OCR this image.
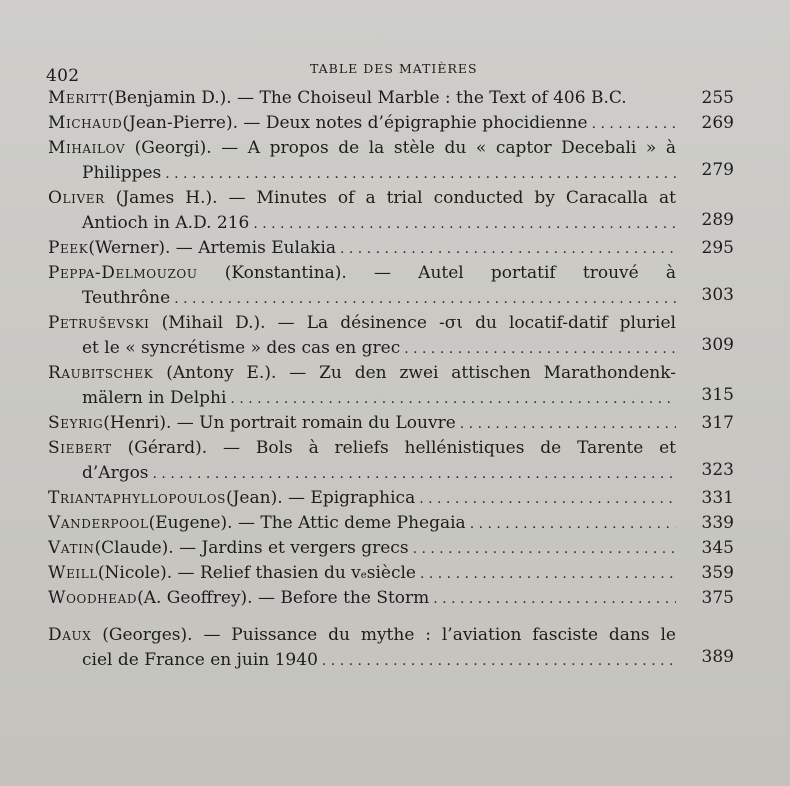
402	TABLE DES MATIÈRES
Meritt (Benjamin D.). — The Choiseul Marble : the Text of 406 B.C.	255
Michaud (Jean-Pierre). — Deux notes d’épigraphie phocidienne . . .	269
Mihailov (Georgi). — A propos de la stèle du « captor Decebali » à
Philippes . . .	279
Oliver (James H.). — Minutes of a trial conducted by Caracalla at
Antioch in A.D. 216 . . .	289
Peek (Werner). — Artemis Eulakia . . .	295
Peppa-Delmouzou (Konstantina). — Autel portatif trouvé à
Teuthrône . . .	303
Petruševski (Mihail D.). — La désinence -σι du locatif-datif pluriel
et le « syncrétisme » des cas en grec . . .	309
Raubitschek (Antony E.). — Zu den zwei attischen Marathondenk-
mälern in Delphi . . .	315
Seyrig (Henri). — Un portrait romain du Louvre . . .	317
Siebert (Gérard). — Bols à reliefs hellénistiques de Tarente et
d’Argos . . .	323
Triantaphyllopoulos (Jean). — Epigraphica . . .	331
Vanderpool (Eugene). — The Attic deme Phegaia . . .	339
Vatin (Claude). — Jardins et vergers grecs . . .	345
Weill (Nicole). — Relief thasien du v e siècle . . .	359
Woodhead (A. Geoffrey). — Before the Storm . . .	375
Daux (Georges). — Puissance du mythe : l’aviation fasciste dans le
ciel de France en juin 1940 . . .	389
